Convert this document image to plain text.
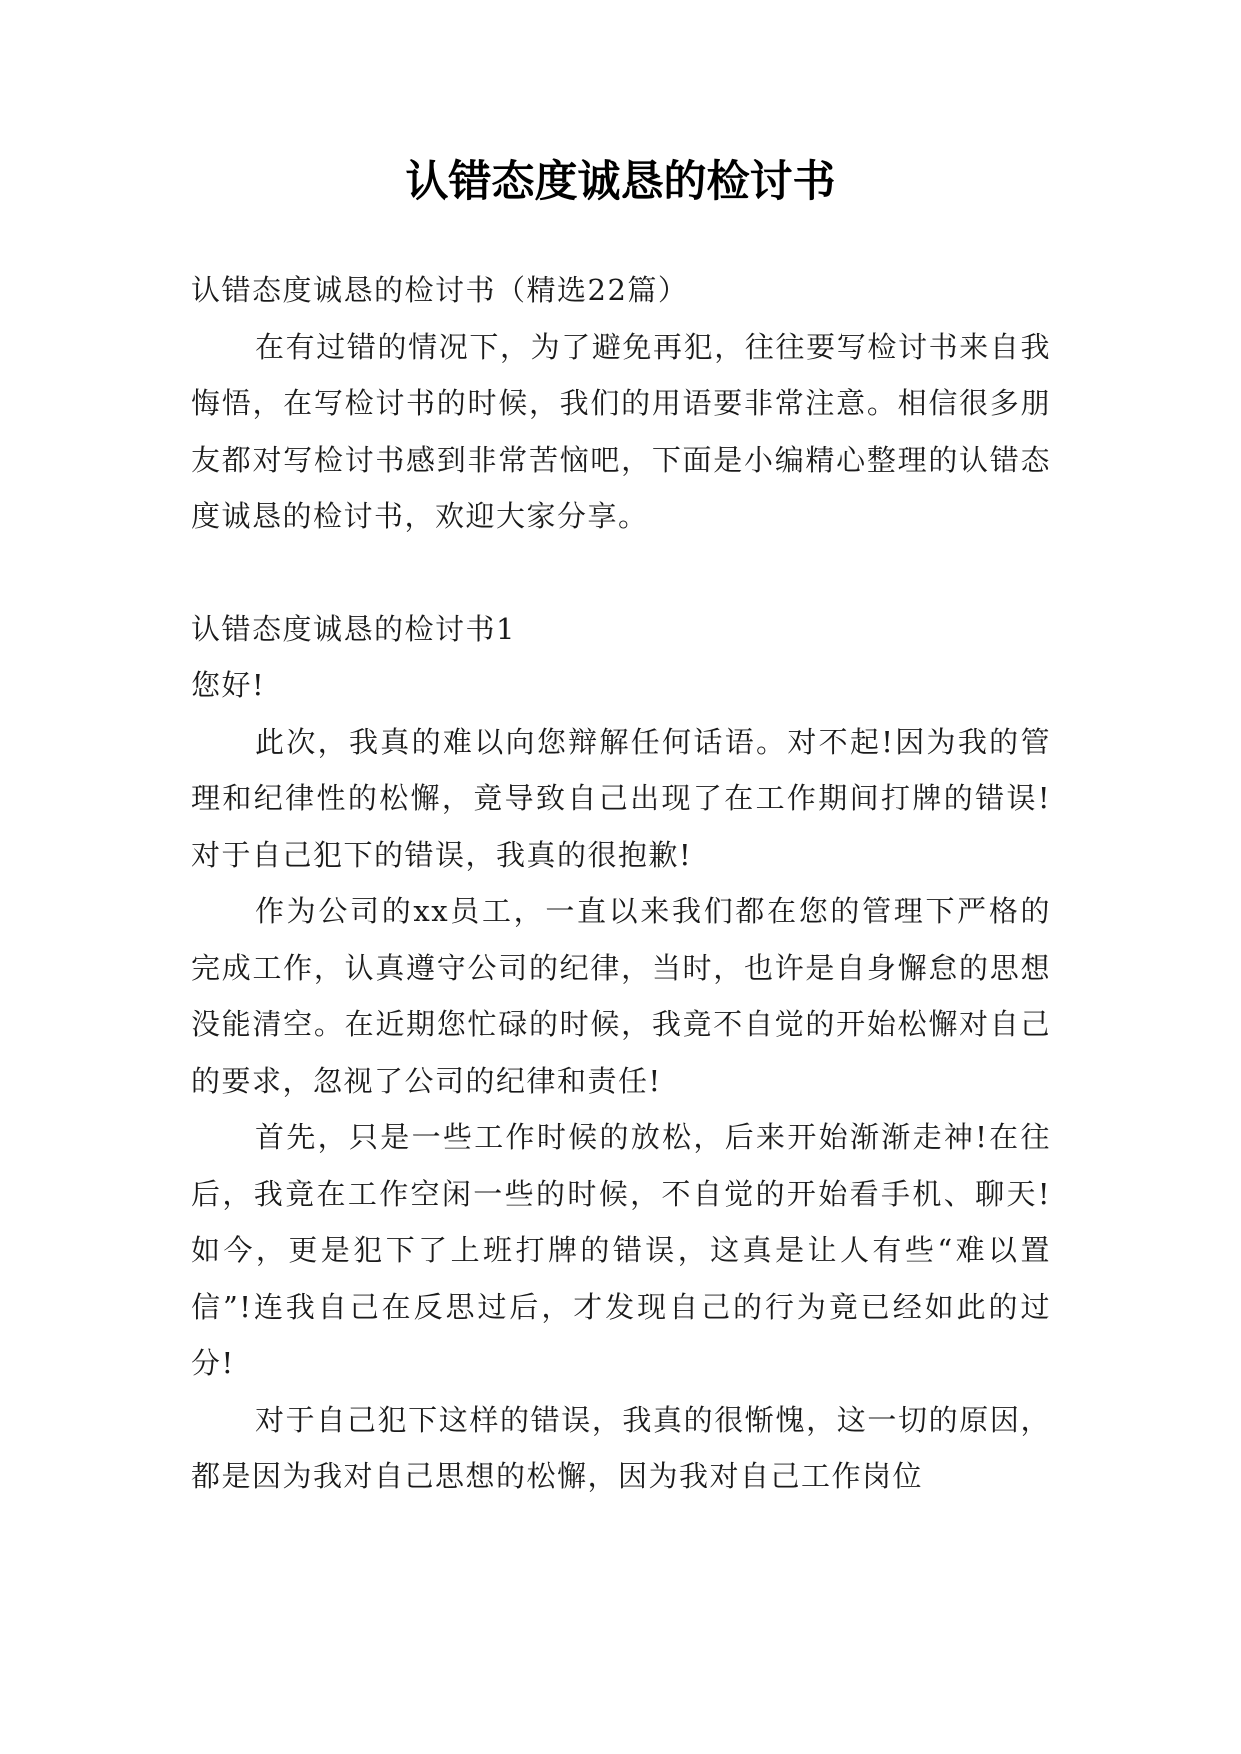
认错态度诚恳的检讨书

认错态度诚恳的检讨书（精选22篇）

在有过错的情况下，为了避免再犯，往往要写检讨书来自我悔悟，在写检讨书的时候，我们的用语要非常注意。相信很多朋友都对写检讨书感到非常苦恼吧，下面是小编精心整理的认错态度诚恳的检讨书，欢迎大家分享。

认错态度诚恳的检讨书1

您好!

此次，我真的难以向您辩解任何话语。对不起!因为我的管理和纪律性的松懈，竟导致自己出现了在工作期间打牌的错误!对于自己犯下的错误，我真的很抱歉!

作为公司的xx员工，一直以来我们都在您的管理下严格的完成工作，认真遵守公司的纪律，当时，也许是自身懈怠的思想没能清空。在近期您忙碌的时候，我竟不自觉的开始松懈对自己的要求，忽视了公司的纪律和责任!

首先，只是一些工作时候的放松，后来开始渐渐走神!在往后，我竟在工作空闲一些的时候，不自觉的开始看手机、聊天!如今，更是犯下了上班打牌的错误，这真是让人有些“难以置信”!连我自己在反思过后，才发现自己的行为竟已经如此的过分!

对于自己犯下这样的错误，我真的很惭愧，这一切的原因，都是因为我对自己思想的松懈，因为我对自己工作岗位
